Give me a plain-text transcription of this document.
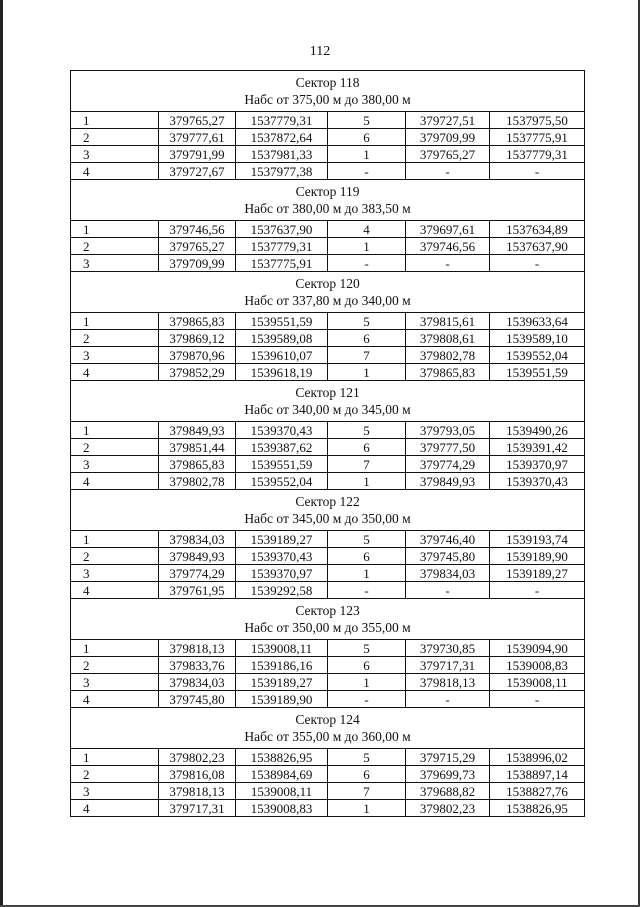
112
Сектор 118
Набс от 375,00 м до 380,00 м					

1	379765,27	1537779,31	5	379727,51	1537975,50
2	379777,61	1537872,64	6	379709,99	1537775,91
3	379791,99	1537981,33	1	379765,27	1537779,31
4	379727,67	1537977,38	-	-	-
Сектор 119
Набс от 380,00 м до 383,50 м					

1	379746,56	1537637,90	4	379697,61	1537634,89
2	379765,27	1537779,31	1	379746,56	1537637,90
3	379709,99	1537775,91	-	-	-
Сектор 120
Набс от 337,80 м до 340,00 м					

1	379865,83	1539551,59	5	379815,61	1539633,64
2	379869,12	1539589,08	6	379808,61	1539589,10
3	379870,96	1539610,07	7	379802,78	1539552,04
4	379852,29	1539618,19	1	379865,83	1539551,59
Сектор 121
Набс от 340,00 м до 345,00 м					

1	379849,93	1539370,43	5	379793,05	1539490,26
2	379851,44	1539387,62	6	379777,50	1539391,42
3	379865,83	1539551,59	7	379774,29	1539370,97
4	379802,78	1539552,04	1	379849,93	1539370,43
Сектор 122
Набс от 345,00 м до 350,00 м					

1	379834,03	1539189,27	5	379746,40	1539193,74
2	379849,93	1539370,43	6	379745,80	1539189,90
3	379774,29	1539370,97	1	379834,03	1539189,27
4	379761,95	1539292,58	-	-	-
Сектор 123
Набс от 350,00 м до 355,00 м					

1	379818,13	1539008,11	5	379730,85	1539094,90
2	379833,76	1539186,16	6	379717,31	1539008,83
3	379834,03	1539189,27	1	379818,13	1539008,11
4	379745,80	1539189,90	-	-	-
Сектор 124
Набс от 355,00 м до 360,00 м					

1	379802,23	1538826,95	5	379715,29	1538996,02
2	379816,08	1538984,69	6	379699,73	1538897,14
3	379818,13	1539008,11	7	379688,82	1538827,76
4	379717,31	1539008,83	1	379802,23	1538826,95
